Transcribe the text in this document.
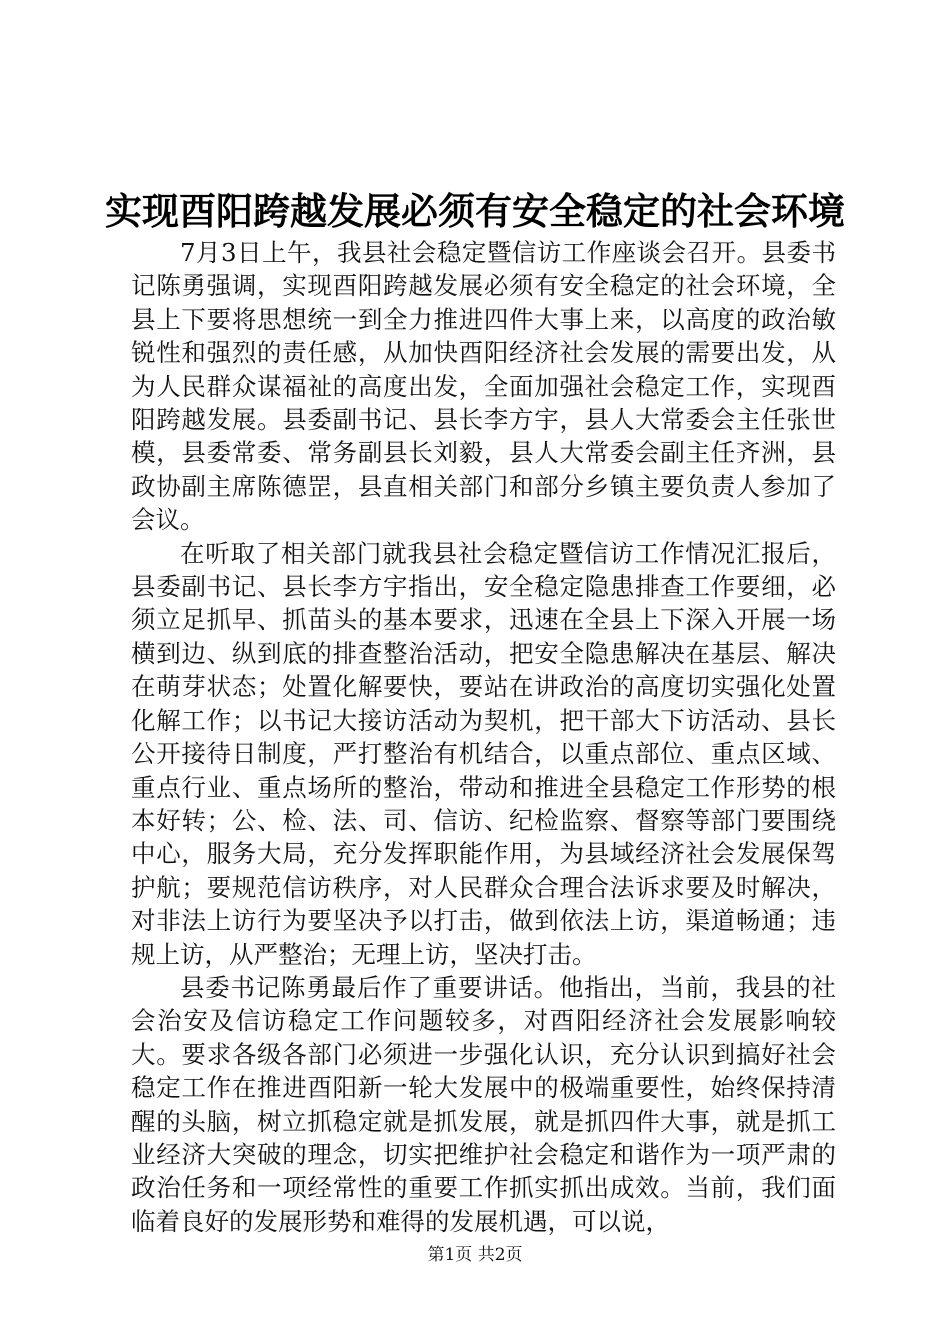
实现酉阳跨越发展必须有安全稳定的社会环境

7月3日上午，我县社会稳定暨信访工作座谈会召开。县委书记陈勇强调，实现酉阳跨越发展必须有安全稳定的社会环境，全县上下要将思想统一到全力推进四件大事上来，以高度的政治敏锐性和强烈的责任感，从加快酉阳经济社会发展的需要出发，从为人民群众谋福祉的高度出发，全面加强社会稳定工作，实现酉阳跨越发展。县委副书记、县长李方宇，县人大常委会主任张世模，县委常委、常务副县长刘毅，县人大常委会副主任齐洲，县政协副主席陈德罡，县直相关部门和部分乡镇主要负责人参加了会议。

在听取了相关部门就我县社会稳定暨信访工作情况汇报后，县委副书记、县长李方宇指出，安全稳定隐患排查工作要细，必须立足抓早、抓苗头的基本要求，迅速在全县上下深入开展一场横到边、纵到底的排查整治活动，把安全隐患解决在基层、解决在萌芽状态；处置化解要快，要站在讲政治的高度切实强化处置化解工作；以书记大接访活动为契机，把干部大下访活动、县长公开接待日制度，严打整治有机结合，以重点部位、重点区域、重点行业、重点场所的整治，带动和推进全县稳定工作形势的根本好转；公、检、法、司、信访、纪检监察、督察等部门要围绕中心，服务大局，充分发挥职能作用，为县域经济社会发展保驾护航；要规范信访秩序，对人民群众合理合法诉求要及时解决，对非法上访行为要坚决予以打击，做到依法上访，渠道畅通；违规上访，从严整治；无理上访，坚决打击。

县委书记陈勇最后作了重要讲话。他指出，当前，我县的社会治安及信访稳定工作问题较多，对酉阳经济社会发展影响较大。要求各级各部门必须进一步强化认识，充分认识到搞好社会稳定工作在推进酉阳新一轮大发展中的极端重要性，始终保持清醒的头脑，树立抓稳定就是抓发展，就是抓四件大事，就是抓工业经济大突破的理念，切实把维护社会稳定和谐作为一项严肃的政治任务和一项经常性的重要工作抓实抓出成效。当前，我们面临着良好的发展形势和难得的发展机遇，可以说，

第1页 共2页
